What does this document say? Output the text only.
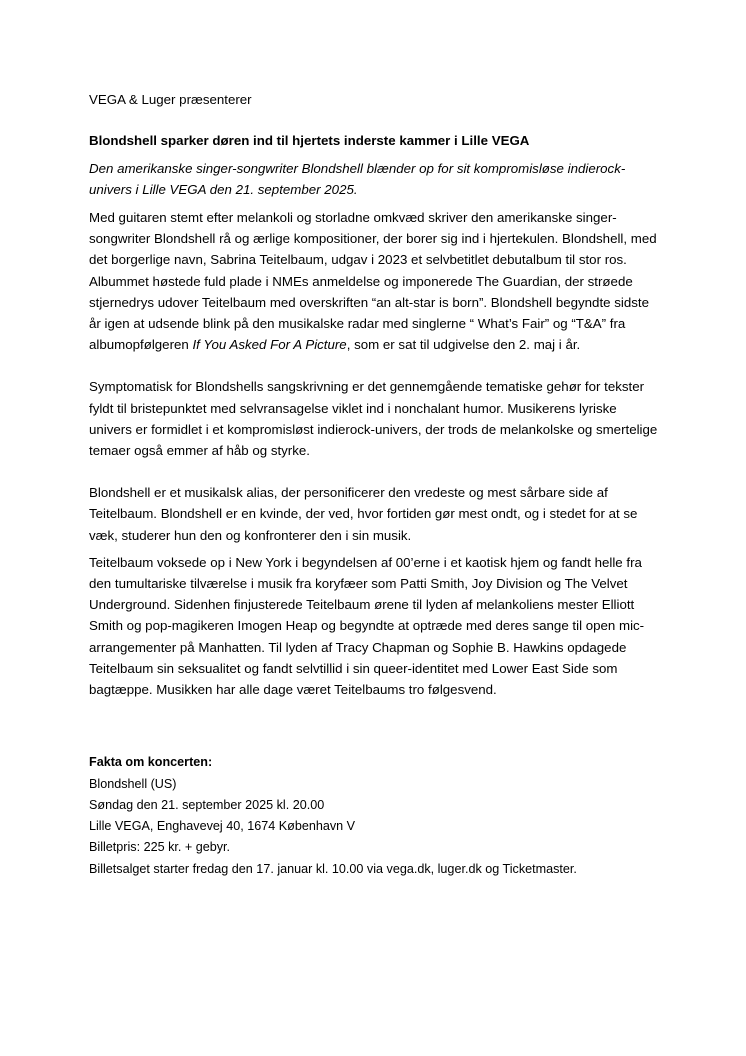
VEGA & Luger præsenterer

Blondshell sparker døren ind til hjertets inderste kammer i Lille VEGA

Den amerikanske singer-songwriter Blondshell blænder op for sit kompromisløse indierock-univers i Lille VEGA den 21. september 2025.

Med guitaren stemt efter melankoli og storladne omkvæd skriver den amerikanske singer-songwriter Blondshell rå og ærlige kompositioner, der borer sig ind i hjertekulen. Blondshell, med det borgerlige navn, Sabrina Teitelbaum, udgav i 2023 et selvbetitlet debutalbum til stor ros. Albummet høstede fuld plade i NMEs anmeldelse og imponerede The Guardian, der strøede stjernedrys udover Teitelbaum med overskriften “an alt-star is born”. Blondshell begyndte sidste år igen at udsende blink på den musikalske radar med singlerne “ What’s Fair” og “T&A” fra albumopfølgeren If You Asked For A Picture, som er sat til udgivelse den 2. maj i år.

Symptomatisk for Blondshells sangskrivning er det gennemgående tematiske gehør for tekster fyldt til bristepunktet med selvransagelse viklet ind i nonchalant humor. Musikerens lyriske univers er formidlet i et kompromisløst indierock-univers, der trods de melankolske og smertelige temaer også emmer af håb og styrke.

Blondshell er et musikalsk alias, der personificerer den vredeste og mest sårbare side af Teitelbaum. Blondshell er en kvinde, der ved, hvor fortiden gør mest ondt, og i stedet for at se væk, studerer hun den og konfronterer den i sin musik.

Teitelbaum voksede op i New York i begyndelsen af 00’erne i et kaotisk hjem og fandt helle fra den tumultariske tilværelse i musik fra koryfæer som Patti Smith, Joy Division og The Velvet Underground. Sidenhen finjusterede Teitelbaum ørene til lyden af melankoliens mester Elliott Smith og pop-magikeren Imogen Heap og begyndte at optræde med deres sange til open mic-arrangementer på Manhatten. Til lyden af Tracy Chapman og Sophie B. Hawkins opdagede Teitelbaum sin seksualitet og fandt selvtillid i sin queer-identitet med Lower East Side som bagtæppe. Musikken har alle dage været Teitelbaums tro følgesvend.

Fakta om koncerten:

Blondshell (US)

Søndag den 21. september 2025 kl. 20.00

Lille VEGA, Enghavevej 40, 1674 København V

Billetpris: 225 kr. + gebyr.

Billetsalget starter fredag den 17. januar kl. 10.00 via vega.dk, luger.dk og Ticketmaster.
